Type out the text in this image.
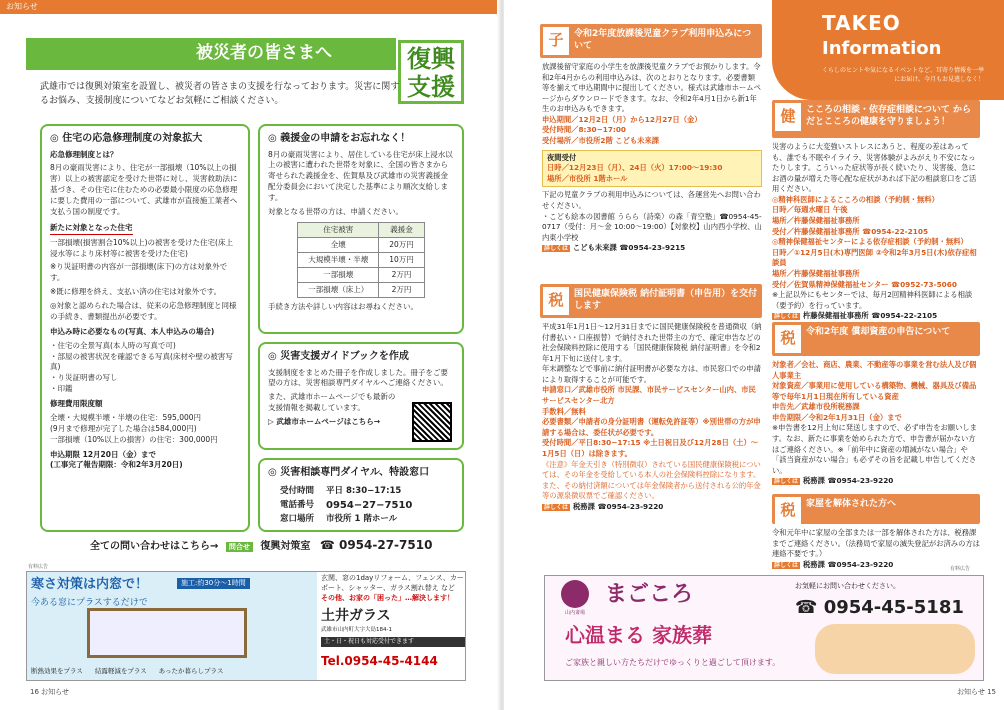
お知らせ
被災者の皆さまへ	復興
支援
武雄市では復興対策室を設置し、被災者の皆さまの支援を行なっております。災害に関するお悩み、支援制度についてなどお気軽にご相談ください。
◎ 住宅の応急修理制度の対象拡大

応急修理制度とは？

8月の豪雨災害により、住宅が一部損壊（10%以上の損害）以上の被害認定を受けた世帯に対し、災害救助法に基づき、その住宅に住むための必要最小限度の応急修理に要した費用の一部について、武雄市が直接施工業者へ支払う国の制度です。

新たに対象となった住宅

一部損壊(損害割合10%以上)の被害を受けた住宅(床上浸水等により床材等に被害を受けた住宅)

※り災証明書の内容が一部損壊(床下)の方は対象外です。

※既に修理を終え、支払い済の住宅は対象外です。

◎対象と認められた場合は、従来の応急修理制度と同様の手続き、書類提出が必要です。

申込み時に必要なもの(写真、本人申込みの場合)

・住宅の全景写真(本人時の写真で可)
・部屋の被害状況を確認できる写真(床材や壁の被害写真)
・り災証明書の写し
・印鑑

修理費用限度額

全壊・大規模半壊・半壊の住宅：595,000円
(9月まで修理が完了した場合は584,000円)
一部損壊（10%以上の損害）の住宅：300,000円

申込期限 12月20日（金）まで
(工事完了報告期限：令和2年3月20日)

◎ 義援金の申請をお忘れなく！

8月の豪雨災害により、居住している住宅が床上浸水以上の被害に遭われた世帯を対象に、全国の皆さまから寄せられた義援金を、佐賀県及び武雄市の災害義援金配分委員会において決定した基準により順次支給します。

対象となる世帯の方は、申請ください。

住宅被害	義援金
全壊	20万円
大規模半壊・半壊	10万円
一部損壊	2万円
一部損壊（床上）	2万円

手続き方法や詳しい内容はお尋ねください。

◎ 災害支援ガイドブックを作成

支援制度をまとめた冊子を作成しました。冊子をご要望の方は、災害相談専門ダイヤルへご連絡ください。

また、武雄市ホームページでも最新の支援情報を掲載しています。

▷ 武雄市ホームページはこちら→

◎ 災害相談専門ダイヤル、特設窓口
受付時間	平日 8:30−17:15
電話番号	0954−27−7510
窓口場所	市役所 1 階ホール
全ての問い合わせはこちら→ 問合せ 復興対策室 ☎ 0954-27-7510
有料広告
寒さ対策は内窓で！
今ある窓にプラスするだけで
施工:約30分～1時間
断熱効果をプラス 結露軽減をプラス あったか暮らしプラス
玄関、窓の1dayリフォーム、フェンス、カーポート、シャッター、ガラス割れ替え など
その他、お家の「困った」…解決します！
土井ガラス
武雄市山内町大字大島184-1
土・日・祝日も対応受付できます
Tel.0954-45-4144
16 お知らせ
TAKEO
Information
くらしのヒントや気になるイベントなど、耳寄り情報を一挙にお届け。今月もお見逃しなく！
子	令和2年度放課後児童クラブ利用申込みについて

放課後留守家庭の小学生を放課後児童クラブでお預かりします。令和2年4月からの利用申込みは、次のとおりとなります。必要書類等を揃えて申込期間中に提出してください。様式は武雄市ホームページからダウンロードできます。なお、令和2年4月1日から新1年生のお申込みもできます。

申込期間／12月2日（月）から12月27日（金）

受付時間／8:30−17:00

受付場所／市役所2階 こども未来課

夜間受付

日時／12月23日（月）、24日（火）17:00〜19:30

場所／市役所 1階ホール

下記の児童クラブの利用申込みについては、各運営先へお問い合わせください。

・こども絵本の図書館 うらら（詩楽）の森「青空塾」☎0954-45-0717（受付：月～金 10:00～19:00）【対象校】山内西小学校、山内東小学校

詳しくは こども未来課 ☎0954-23-9215

税	国民健康保険税 納付証明書（申告用）を交付します

平成31年1月1日～12月31日までに国民健康保険税を普通徴収（納付書払い・口座振替）で納付された世帯主の方で、確定申告などの社会保険料控除に使用する「国民健康保険税 納付証明書」を令和2年1月下旬に送付します。

年末調整などで事前に納付証明書が必要な方は、市民窓口での申請により取得することが可能です。

申請窓口／武雄市役所 市民課、市民サービスセンター山内、市民サービスセンター北方

手数料／無料

必要書類／申請者の身分証明書（運転免許証等）※別世帯の方が申請する場合は、委任状が必要です。

受付時間／平日8:30−17:15 ※土日祝日及び12月28日（土）～1月5日（日）は除きます。

《注意》年金天引き（特別徴収）されている国民健康保険税については、その年金を受給している本人の社会保険料控除になります。また、その納付済額については年金保険者から送付される公的年金等の源泉徴収票でご確認ください。

詳しくは 税務課 ☎0954-23-9220

健	こころの相談・依存症相談について からだとこころの健康を守りましょう！

災害のように大変強いストレスにあうと、程度の差はあっても、誰でも不眠やイライラ、災害体験がよみがえり不安になったりします。こういった症状等が長く続いたり、災害後、急にお酒の量が増えた等心配な症状があれば下記の相談窓口をご活用ください。

◎精神科医師によるこころの相談（予約制・無料）

日時／毎週水曜日 午後

場所／杵藤保健福祉事務所

受付／杵藤保健福祉事務所 ☎0954-22-2105

◎精神保健福祉センターによる依存症相談（予約制・無料）

日時／①12月5日(木)専門医師 ②令和2年3月5日(木)依存症相談員

場所／杵藤保健福祉事務所

受付／佐賀県精神保健福祉センター ☎0952-73-5060

※上記以外にもセンターでは、毎月2回精神科医師による相談（要予約）を行っています。

詳しくは 杵藤保健福祉事務所 ☎0954-22-2105

税	令和2年度 償却資産の申告について

対象者／会社、商店、農業、不動産等の事業を営む法人及び個人事業主

対象資産／事業用に使用している構築物、機械、器具及び備品等で毎年1月1日現在所有している資産

申告先／武雄市役所税務課

申告期限／令和2年1月31日（金）まで

※申告書を12月上旬に発送しますので、必ず申告をお願いします。なお、新たに事業を始められた方で、申告書が届かない方はご連絡ください。※「前年中に資産の増減がない場合」や「該当資産がない場合」も必ずその旨を記載し申告してください。

詳しくは 税務課 ☎0954-23-9220

税	家屋を解体された方へ

令和元年中に家屋の全部または一部を解体された方は、税務課までご連絡ください。（法務局で家屋の滅失登記がお済みの方は連絡不要です。）

詳しくは 税務課 ☎0954-23-9220

有料広告
山内斎場
まごころ
心温まる 家族葬
ご家族と親しい方たちだけでゆっくりと過ごして頂けます。
お気軽にお問い合わせください。
☎ 0954-45-5181
お知らせ 15
